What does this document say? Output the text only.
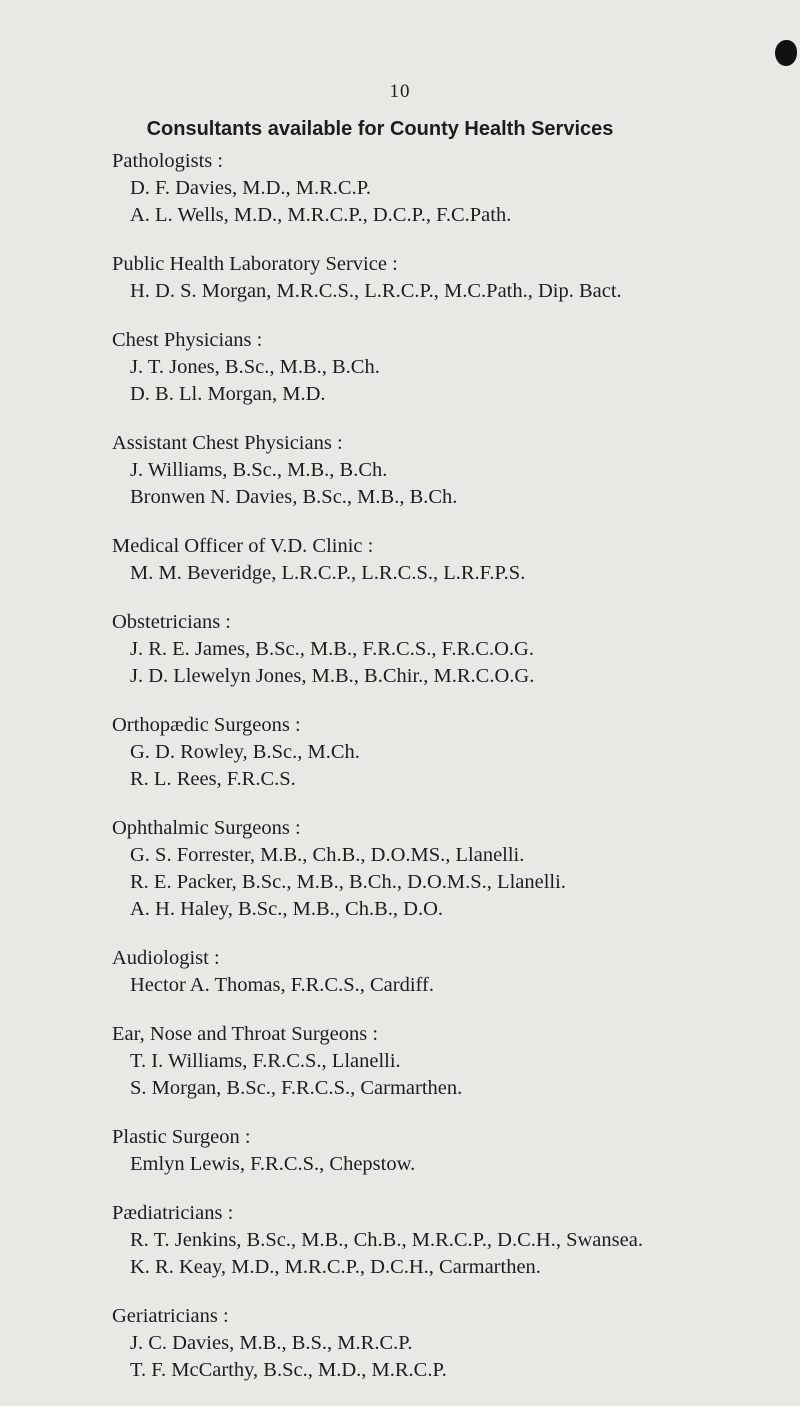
10
Consultants available for County Health Services
Pathologists :
D. F. Davies, M.D., M.R.C.P.
A. L. Wells, M.D., M.R.C.P., D.C.P., F.C.Path.
Public Health Laboratory Service :
H. D. S. Morgan, M.R.C.S., L.R.C.P., M.C.Path., Dip. Bact.
Chest Physicians :
J. T. Jones, B.Sc., M.B., B.Ch.
D. B. Ll. Morgan, M.D.
Assistant Chest Physicians :
J. Williams, B.Sc., M.B., B.Ch.
Bronwen N. Davies, B.Sc., M.B., B.Ch.
Medical Officer of V.D. Clinic :
M. M. Beveridge, L.R.C.P., L.R.C.S., L.R.F.P.S.
Obstetricians :
J. R. E. James, B.Sc., M.B., F.R.C.S., F.R.C.O.G.
J. D. Llewelyn Jones, M.B., B.Chir., M.R.C.O.G.
Orthopædic Surgeons :
G. D. Rowley, B.Sc., M.Ch.
R. L. Rees, F.R.C.S.
Ophthalmic Surgeons :
G. S. Forrester, M.B., Ch.B., D.O.MS., Llanelli.
R. E. Packer, B.Sc., M.B., B.Ch., D.O.M.S., Llanelli.
A. H. Haley, B.Sc., M.B., Ch.B., D.O.
Audiologist :
Hector A. Thomas, F.R.C.S., Cardiff.
Ear, Nose and Throat Surgeons :
T. I. Williams, F.R.C.S., Llanelli.
S. Morgan, B.Sc., F.R.C.S., Carmarthen.
Plastic Surgeon :
Emlyn Lewis, F.R.C.S., Chepstow.
Pædiatricians :
R. T. Jenkins, B.Sc., M.B., Ch.B., M.R.C.P., D.C.H., Swansea.
K. R. Keay, M.D., M.R.C.P., D.C.H., Carmarthen.
Geriatricians :
J. C. Davies, M.B., B.S., M.R.C.P.
T. F. McCarthy, B.Sc., M.D., M.R.C.P.
